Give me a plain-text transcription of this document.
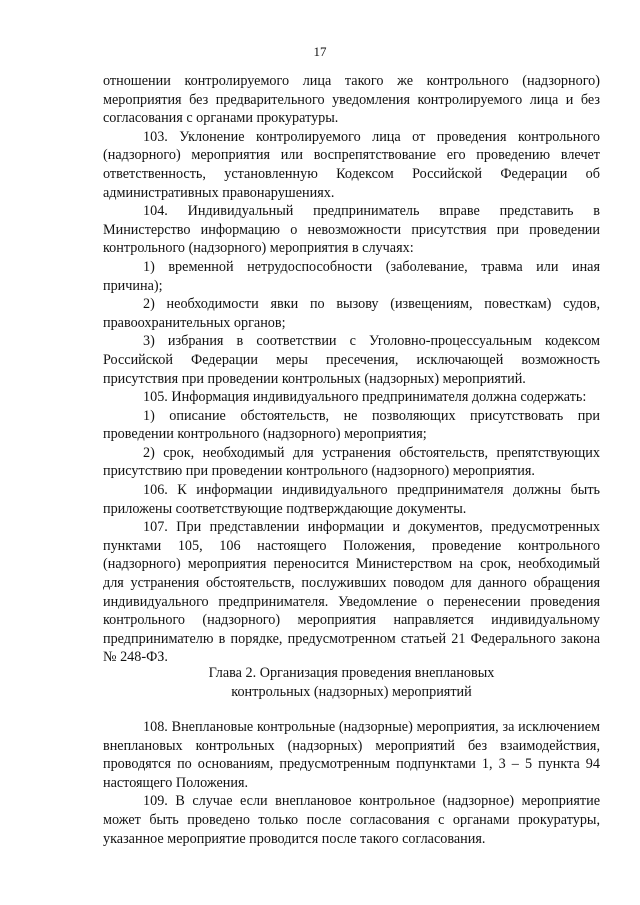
17

отношении контролируемого лица такого же контрольного (надзорного) мероприятия без предварительного уведомления контролируемого лица и без согласования с органами прокуратуры.

103. Уклонение контролируемого лица от проведения контрольного (надзорного) мероприятия или воспрепятствование его проведению влечет ответственность, установленную Кодексом Российской Федерации об административных правонарушениях.

104. Индивидуальный предприниматель вправе представить в Министерство информацию о невозможности присутствия при проведении контрольного (надзорного) мероприятия в случаях:

1) временной нетрудоспособности (заболевание, травма или иная причина);

2) необходимости явки по вызову (извещениям, повесткам) судов, правоохранительных органов;

3) избрания в соответствии с Уголовно-процессуальным кодексом Российской Федерации меры пресечения, исключающей возможность присутствия при проведении контрольных (надзорных) мероприятий.

105. Информация индивидуального предпринимателя должна содержать:

1) описание обстоятельств, не позволяющих присутствовать при проведении контрольного (надзорного) мероприятия;

2) срок, необходимый для устранения обстоятельств, препятствующих присутствию при проведении контрольного (надзорного) мероприятия.

106. К информации индивидуального предпринимателя должны быть приложены соответствующие подтверждающие документы.

107. При представлении информации и документов, предусмотренных пунктами 105, 106 настоящего Положения, проведение контрольного (надзорного) мероприятия переносится Министерством на срок, необходимый для устранения обстоятельств, послуживших поводом для данного обращения индивидуального предпринимателя. Уведомление о перенесении проведения контрольного (надзорного) мероприятия направляется индивидуальному предпринимателю в порядке, предусмотренном статьей 21 Федерального закона № 248-ФЗ.

Глава 2. Организация проведения внеплановых
контрольных (надзорных) мероприятий

108. Внеплановые контрольные (надзорные) мероприятия, за исключением внеплановых контрольных (надзорных) мероприятий без взаимодействия, проводятся по основаниям, предусмотренным подпунктами 1, 3 – 5 пункта 94 настоящего Положения.

109. В случае если внеплановое контрольное (надзорное) мероприятие может быть проведено только после согласования с органами прокуратуры, указанное мероприятие проводится после такого согласования.
